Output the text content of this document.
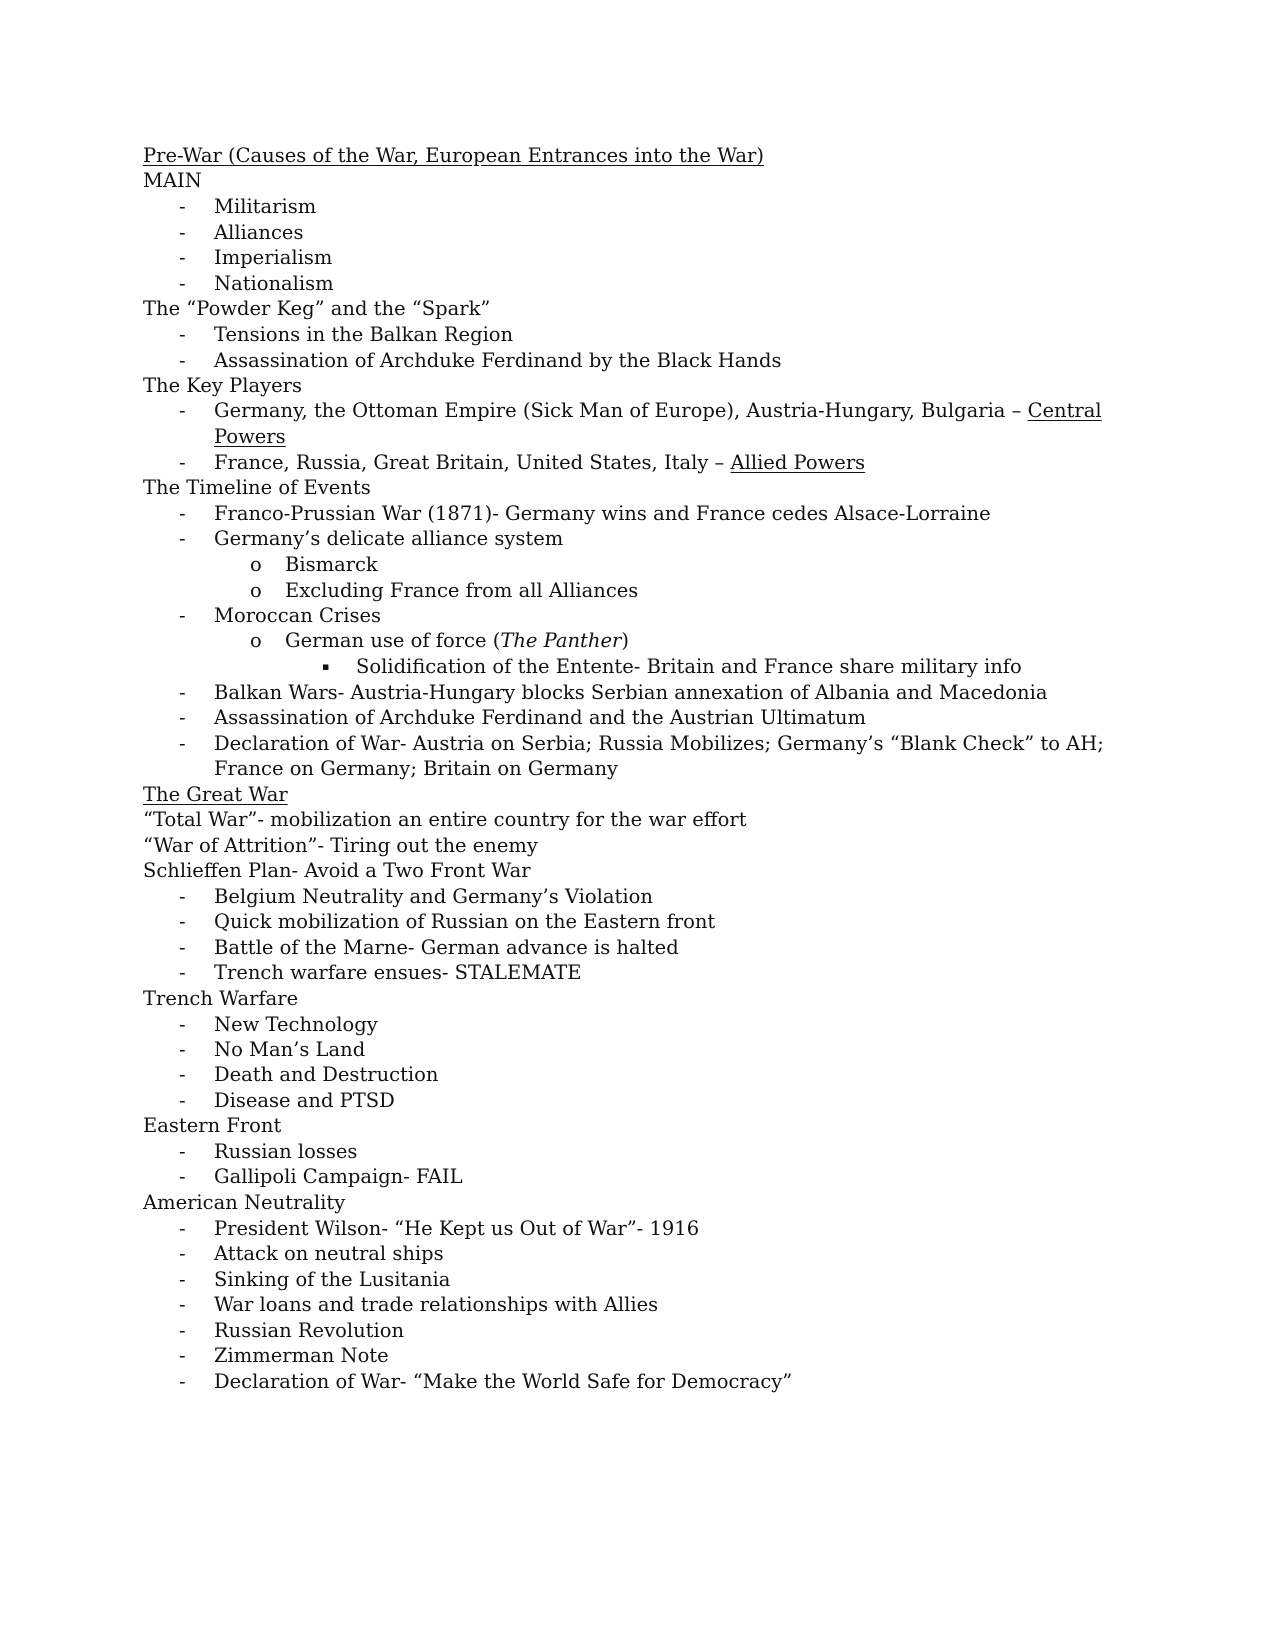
Pre-War (Causes of the War, European Entrances into the War)
MAIN
- Militarism
- Alliances
- Imperialism
- Nationalism
The “Powder Keg” and the “Spark”
- Tensions in the Balkan Region
- Assassination of Archduke Ferdinand by the Black Hands
The Key Players
- Germany, the Ottoman Empire (Sick Man of Europe), Austria-Hungary, Bulgaria – Central
Powers
- France, Russia, Great Britain, United States, Italy – Allied Powers
The Timeline of Events
- Franco-Prussian War (1871)- Germany wins and France cedes Alsace-Lorraine
- Germany’s delicate alliance system
o Bismarck
o Excluding France from all Alliances
- Moroccan Crises
o German use of force (The Panther)
▪ Solidification of the Entente- Britain and France share military info
- Balkan Wars- Austria-Hungary blocks Serbian annexation of Albania and Macedonia
- Assassination of Archduke Ferdinand and the Austrian Ultimatum
- Declaration of War- Austria on Serbia; Russia Mobilizes; Germany’s “Blank Check” to AH;
France on Germany; Britain on Germany
The Great War
“Total War”- mobilization an entire country for the war effort
“War of Attrition”- Tiring out the enemy
Schlieffen Plan- Avoid a Two Front War
- Belgium Neutrality and Germany’s Violation
- Quick mobilization of Russian on the Eastern front
- Battle of the Marne- German advance is halted
- Trench warfare ensues- STALEMATE
Trench Warfare
- New Technology
- No Man’s Land
- Death and Destruction
- Disease and PTSD
Eastern Front
- Russian losses
- Gallipoli Campaign- FAIL
American Neutrality
- President Wilson- “He Kept us Out of War”- 1916
- Attack on neutral ships
- Sinking of the Lusitania
- War loans and trade relationships with Allies
- Russian Revolution
- Zimmerman Note
- Declaration of War- “Make the World Safe for Democracy”
